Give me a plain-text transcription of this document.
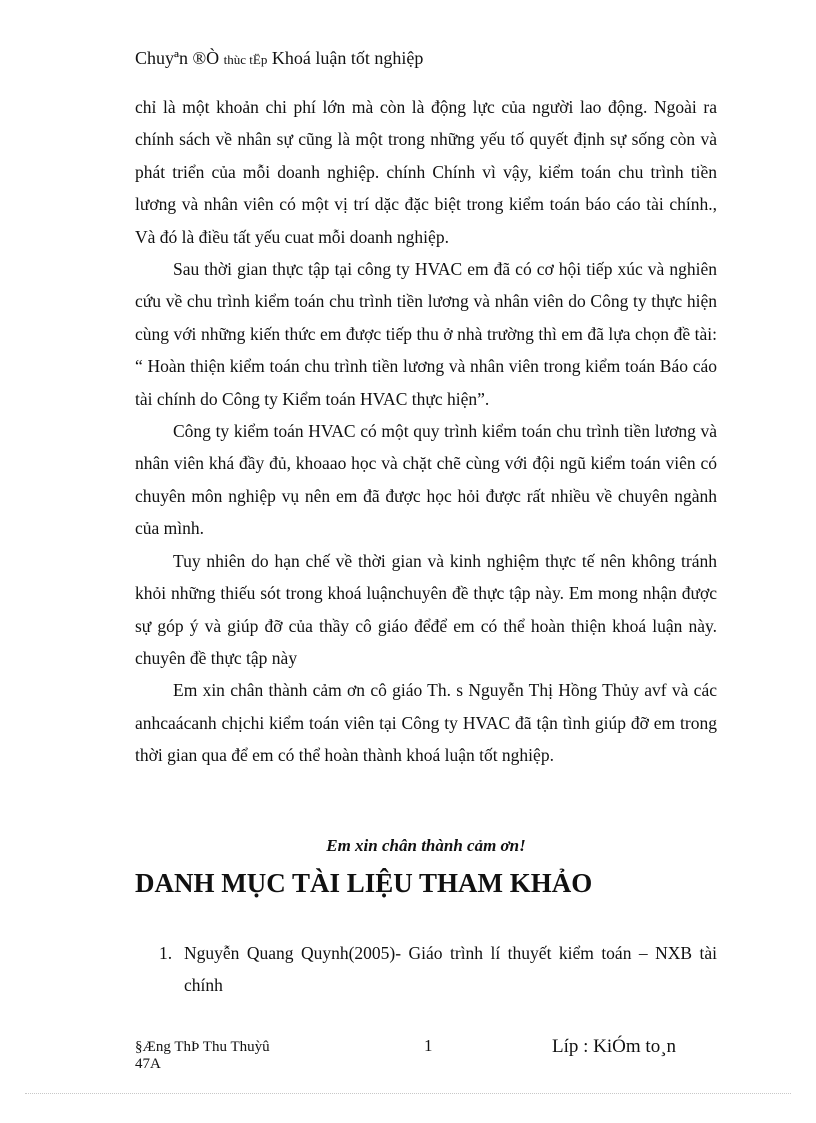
Chuyªn ®Ò thùc tËp Khoá luận tốt nghiệp

chỉ là một khoản chi phí lớn mà còn là động lực của người lao động. Ngoài ra chính sách về nhân sự cũng là một trong những yếu tố quyết định sự sống còn và phát triển của mỗi doanh nghiệp. chính Chính vì vậy, kiểm toán chu trình tiền lương và nhân viên có một vị trí dặc đặc biệt trong kiểm toán báo cáo tài chính., Và đó là điều tất yếu cuat mỗi doanh nghiệp.

Sau thời gian thực tập tại công ty HVAC em đã có cơ hội tiếp xúc và nghiên cứu về chu trình kiểm toán chu trình tiền lương và nhân viên do Công ty thực hiện cùng với những kiến thức em được tiếp thu ở nhà trường thì em đã lựa chọn đề tài: “ Hoàn thiện kiểm toán chu trình tiền lương và nhân viên trong kiểm toán Báo cáo tài chính do Công ty Kiểm toán HVAC thực hiện”.

Công ty kiểm toán HVAC có một quy trình kiểm toán chu trình tiền lương và nhân viên khá đầy đủ, khoaao học và chặt chẽ cùng với đội ngũ kiểm toán viên có chuyên môn nghiệp vụ nên em đã được học hỏi được rất nhiều về chuyên ngành của mình.

Tuy nhiên do hạn chế về thời gian và kinh nghiệm thực tế nên không tránh khỏi những thiếu sót trong khoá luậnchuyên đề thực tập này. Em mong nhận được sự góp ý và giúp đỡ của thầy cô giáo đểđể em có thể hoàn thiện khoá luận này. chuyên đề thực tập này

Em xin chân thành cảm ơn cô giáo Th. s Nguyễn Thị Hồng Thủy avf và các anhcaácanh chịchi kiểm toán viên tại Công ty HVAC đã tận tình giúp đỡ em trong thời gian qua để em có thể hoàn thành khoá luận tốt nghiệp.

Em xin chân thành cảm ơn!
DANH MỤC TÀI LIỆU THAM KHẢO
1. Nguyễn Quang Quynh(2005)- Giáo trình lí thuyết kiểm toán – NXB tài chính
§Æng ThÞ Thu Thuỳû
47A
1	Líp : KiÓm to¸n
